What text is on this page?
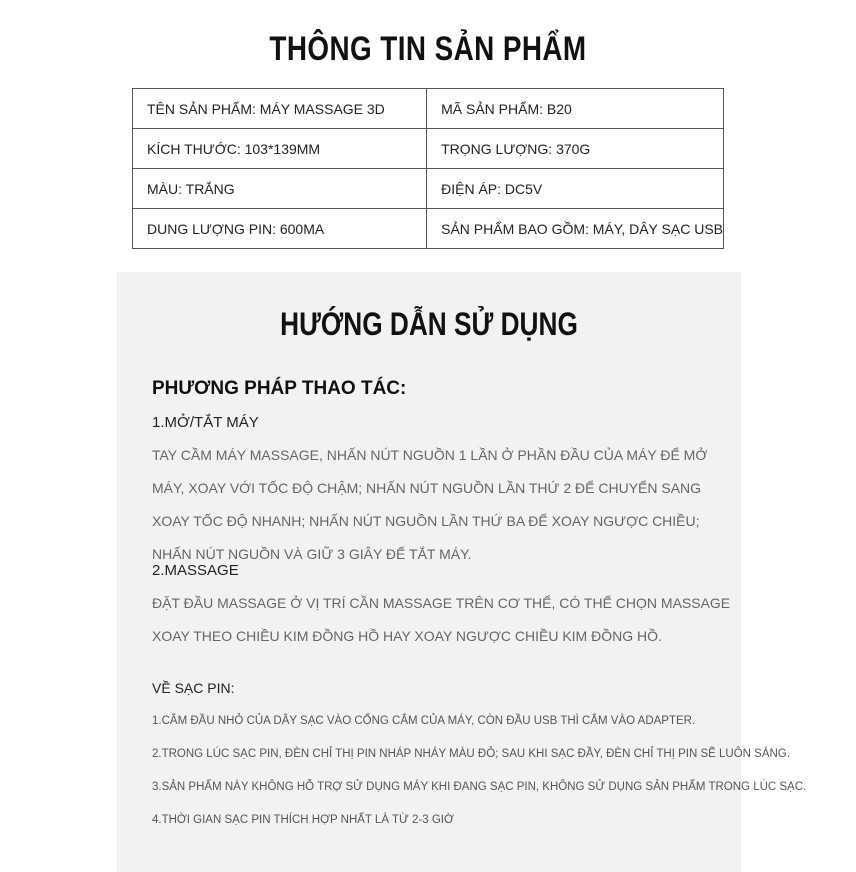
THÔNG TIN SẢN PHẨM
TÊN SẢN PHẨM: MÁY MASSAGE 3D	MÃ SẢN PHẨM: B20
KÍCH THƯỚC: 103*139MM	TRỌNG LƯỢNG: 370G
MÀU: TRẮNG	ĐIỆN ÁP: DC5V
DUNG LƯỢNG PIN: 600MA	SẢN PHẨM BAO GỒM: MÁY, DÂY SẠC USB
HƯỚNG DẪN SỬ DỤNG
PHƯƠNG PHÁP THAO TÁC:
1.MỞ/TẮT MÁY
TAY CẦM MÁY MASSAGE, NHẤN NÚT NGUỒN 1 LẦN Ở PHẦN ĐẦU CỦA MÁY ĐỂ MỞ MÁY, XOAY VỚI TỐC ĐỘ CHẬM; NHẤN NÚT NGUỒN LẦN THỨ 2 ĐỂ CHUYỂN SANG XOAY TỐC ĐỘ NHANH; NHẤN NÚT NGUỒN LẦN THỨ BA ĐỂ XOAY NGƯỢC CHIỀU; NHẤN NÚT NGUỒN VÀ GIỮ 3 GIÂY ĐỂ TẮT MÁY.
2.MASSAGE
ĐẶT ĐẦU MASSAGE Ở VỊ TRÍ CẦN MASSAGE TRÊN CƠ THỂ, CÓ THỂ CHỌN MASSAGE XOAY THEO CHIỀU KIM ĐỒNG HỒ HAY XOAY NGƯỢC CHIỀU KIM ĐỒNG HỒ.
VỀ SẠC PIN:
1.CẮM ĐẦU NHỎ CỦA DÂY SẠC VÀO CỔNG CẮM CỦA MÁY, CÒN ĐẦU USB THÌ CẮM VÀO ADAPTER.
2.TRONG LÚC SẠC PIN, ĐÈN CHỈ THỊ PIN NHÁP NHÁY MÀU ĐỎ; SAU KHI SẠC ĐẦY, ĐÈN CHỈ THỊ PIN SẼ LUÔN SÁNG.
3.SẢN PHẨM NÀY KHÔNG HỖ TRỢ SỬ DỤNG MÁY KHI ĐANG SẠC PIN, KHÔNG SỬ DỤNG SẢN PHẨM TRONG LÚC SẠC.
4.THỜI GIAN SẠC PIN THÍCH HỢP NHẤT LÀ TỪ 2-3 GIỜ
